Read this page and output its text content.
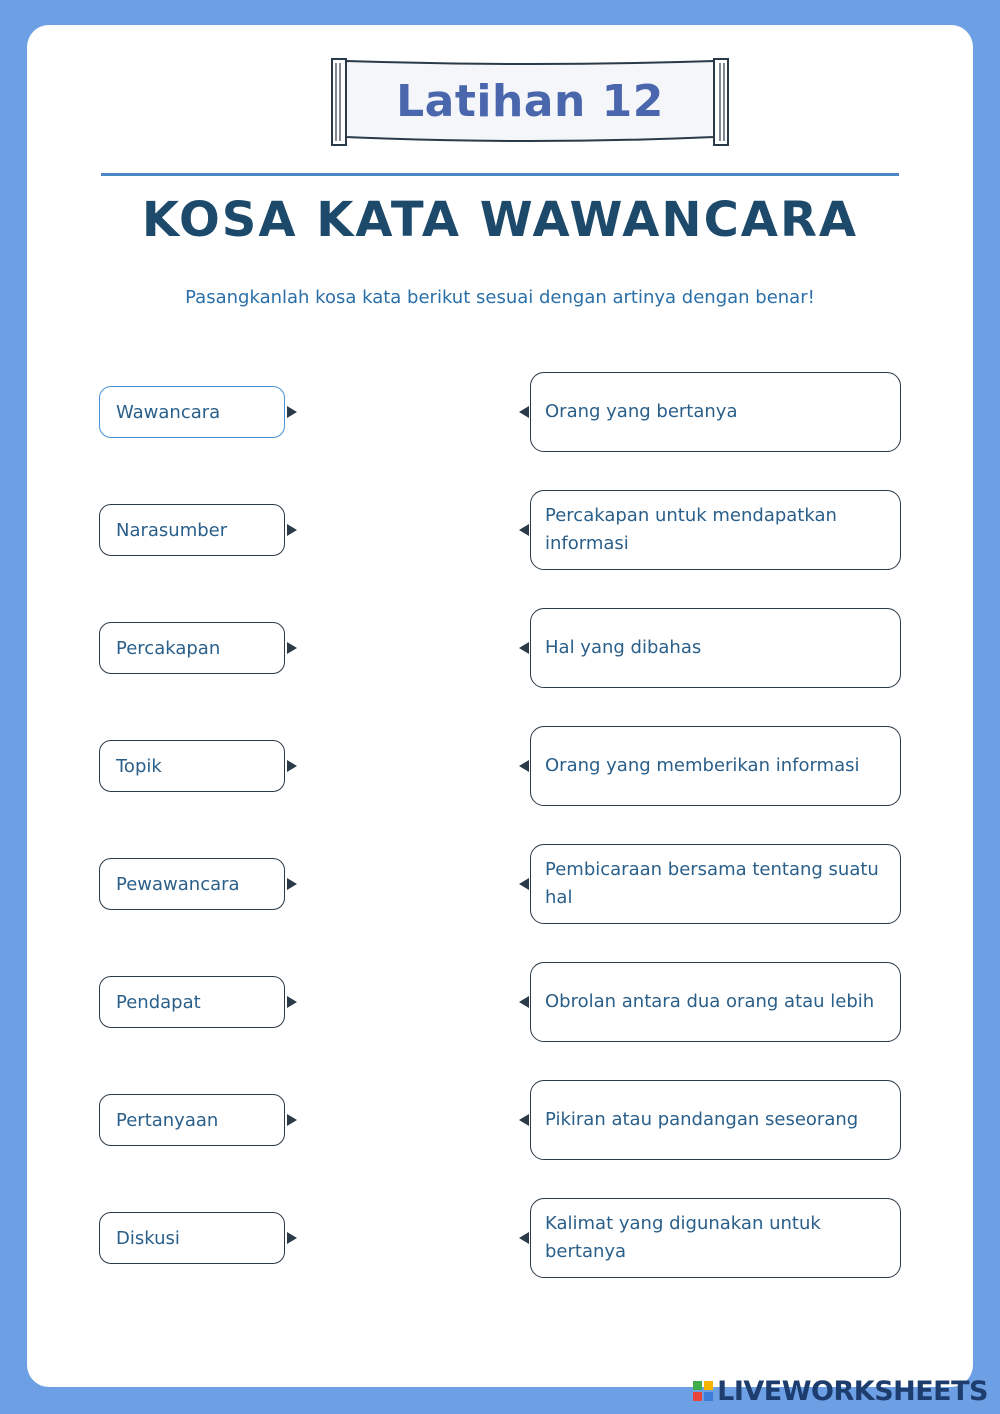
Latihan 12
KOSA KATA WAWANCARA
Pasangkanlah kosa kata berikut sesuai dengan artinya dengan benar!
Wawancara
Narasumber
Percakapan
Topik
Pewawancara
Pendapat
Pertanyaan
Diskusi
Orang yang bertanya
Percakapan untuk mendapatkan informasi
Hal yang dibahas
Orang yang memberikan informasi
Pembicaraan bersama tentang suatu hal
Obrolan antara dua orang atau lebih
Pikiran atau pandangan seseorang
Kalimat yang digunakan untuk bertanya
LIVEWORKSHEETS
